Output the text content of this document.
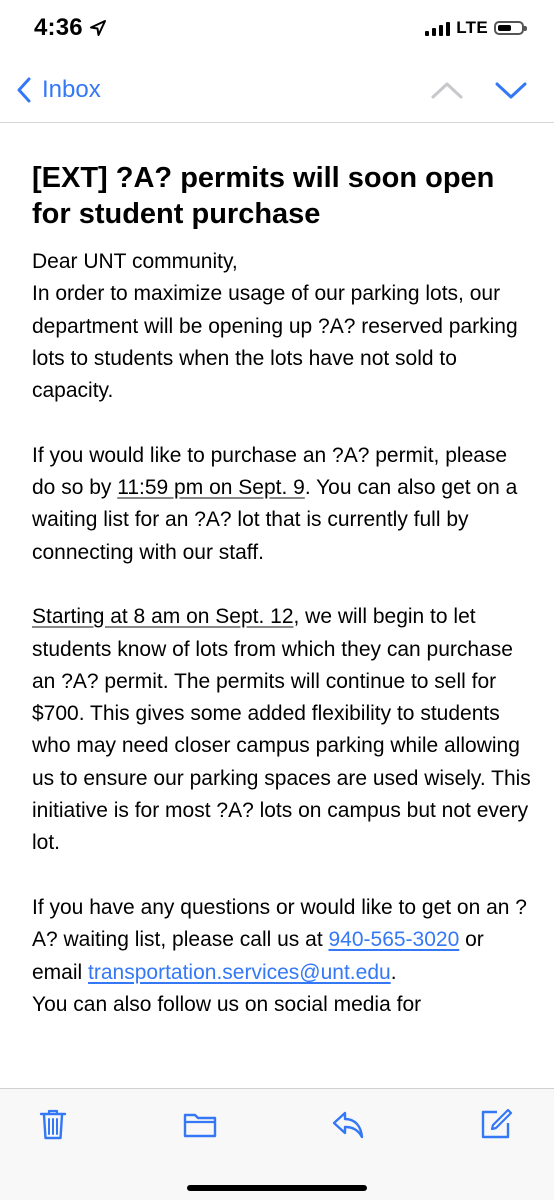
4:36	LTE
Inbox
[EXT] ?A? permits will soon open for student purchase

Dear UNT community,

In order to maximize usage of our parking lots, our department will be opening up ?A? reserved parking lots to students when the lots have not sold to capacity.

If you would like to purchase an ?A? permit, please do so by 11:59 pm on Sept. 9. You can also get on a waiting list for an ?A? lot that is currently full by connecting with our staff.

Starting at 8 am on Sept. 12, we will begin to let students know of lots from which they can purchase an ?A? permit. The permits will continue to sell for $700. This gives some added flexibility to students who may need closer campus parking while allowing us to ensure our parking spaces are used wisely. This initiative is for most ?A? lots on campus but not every lot.

If you have any questions or would like to get on an ?A? waiting list, please call us at 940-565-3020 or email transportation.services@unt.edu.

You can also follow us on social media for
